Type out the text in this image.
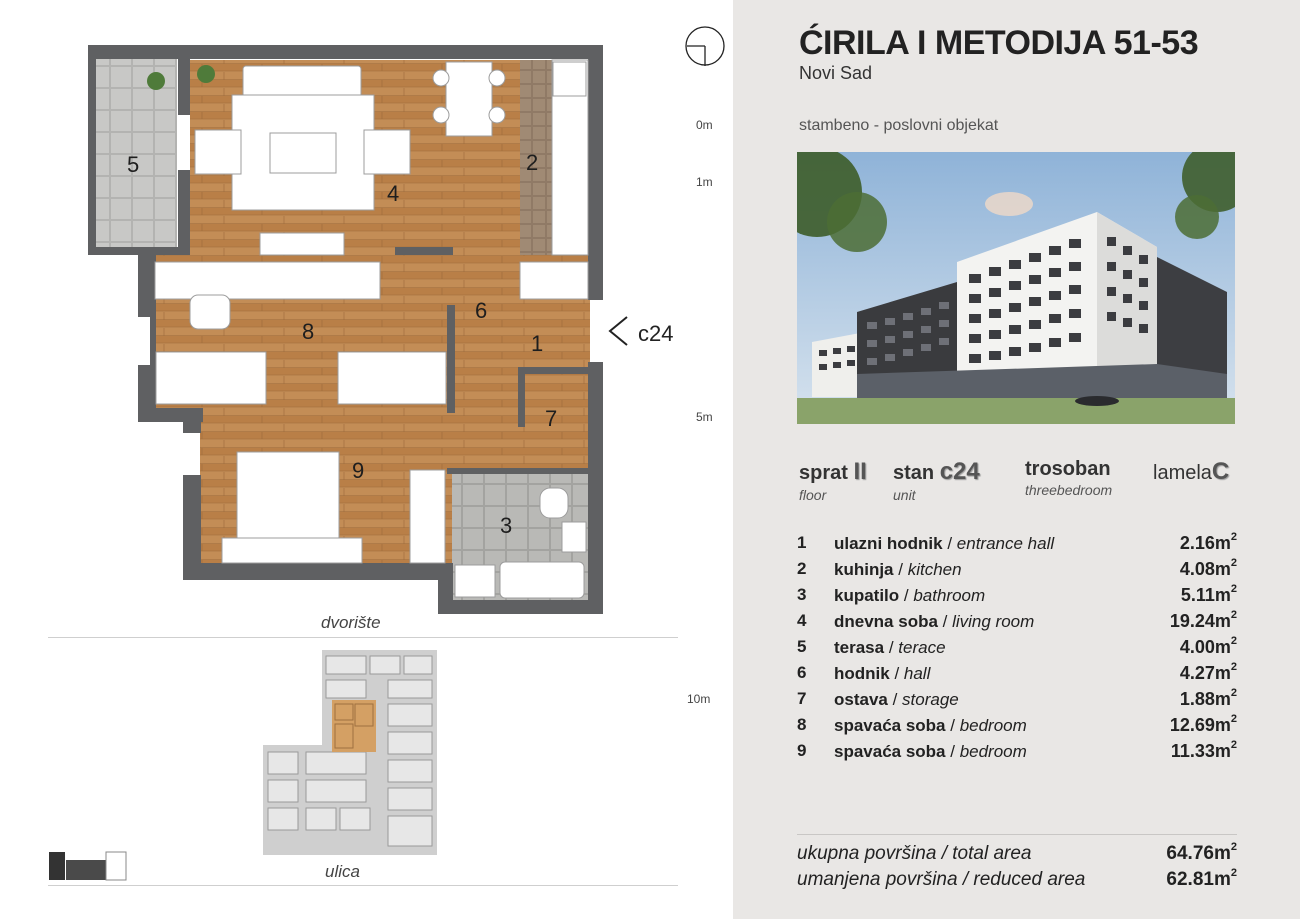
5
4
2
6
8	1
7
9
3
c24
dvorište
ulica
0m
1m
5m
10m
ĆIRILA I METODIJA 51-53
Novi Sad
stambeno - poslovni objekat
sprat II
floor
stan c24
unit
trosoban
threebedroom
lamelaC
1 ulazni hodnik / entrance hall	$2.16m^2$
2 kuhinja / kitchen	$4.08m^2$
3 kupatilo / bathroom	$5.11m^2$
4 dnevna soba / living room	$19.24m^2$
5 terasa / terace	$4.00m^2$
6 hodnik / hall	$4.27m^2$
7 ostava / storage	$1.88m^2$
8 spavaća soba / bedroom	$12.69m^2$
9 spavaća soba / bedroom	$11.33m^2$
ukupna površina / total area	$64.76m^2$
umanjena površina / reduced area	$62.81m^2$
